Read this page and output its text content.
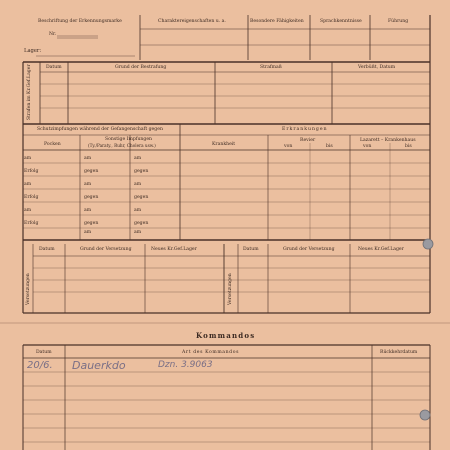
Beschriftung der Erkennungsmarke
Nr.
Lager:
Charaktereigenschaften u. a.	Besondere Fähigkeiten	Sprachkenntnisse	Führung
Strafen im Kr.Gef.Lager	Datum	Grund der Bestrafung	Strafmaß	Verbüßt, Datum
Schutzimpfungen während der Gefangenschaft gegen
Pocken
Sonstige Impfungen
(Ty./Paraty., Ruhr, Cholera usw.)
am	am	am
Erfolg	gegen	gegen
am	am	am
Erfolg	gegen	gegen
am	am	am
Erfolg	gegen	gegen
am	am
Erkrankungen
Krankheit
Revier	Lazarett – Krankenhaus
von	bis	von	bis
Versetzungen
Datum	Grund der Versetzung	Neues Kr.Gef.Lager
Versetzungen
Datum	Grund der Versetzung	Neues Kr.Gef.Lager
Kommandos
Datum	Art des Kommandos	Rückkehrdatum
20/6. Dauerkdo	Dzn. 3.9063
